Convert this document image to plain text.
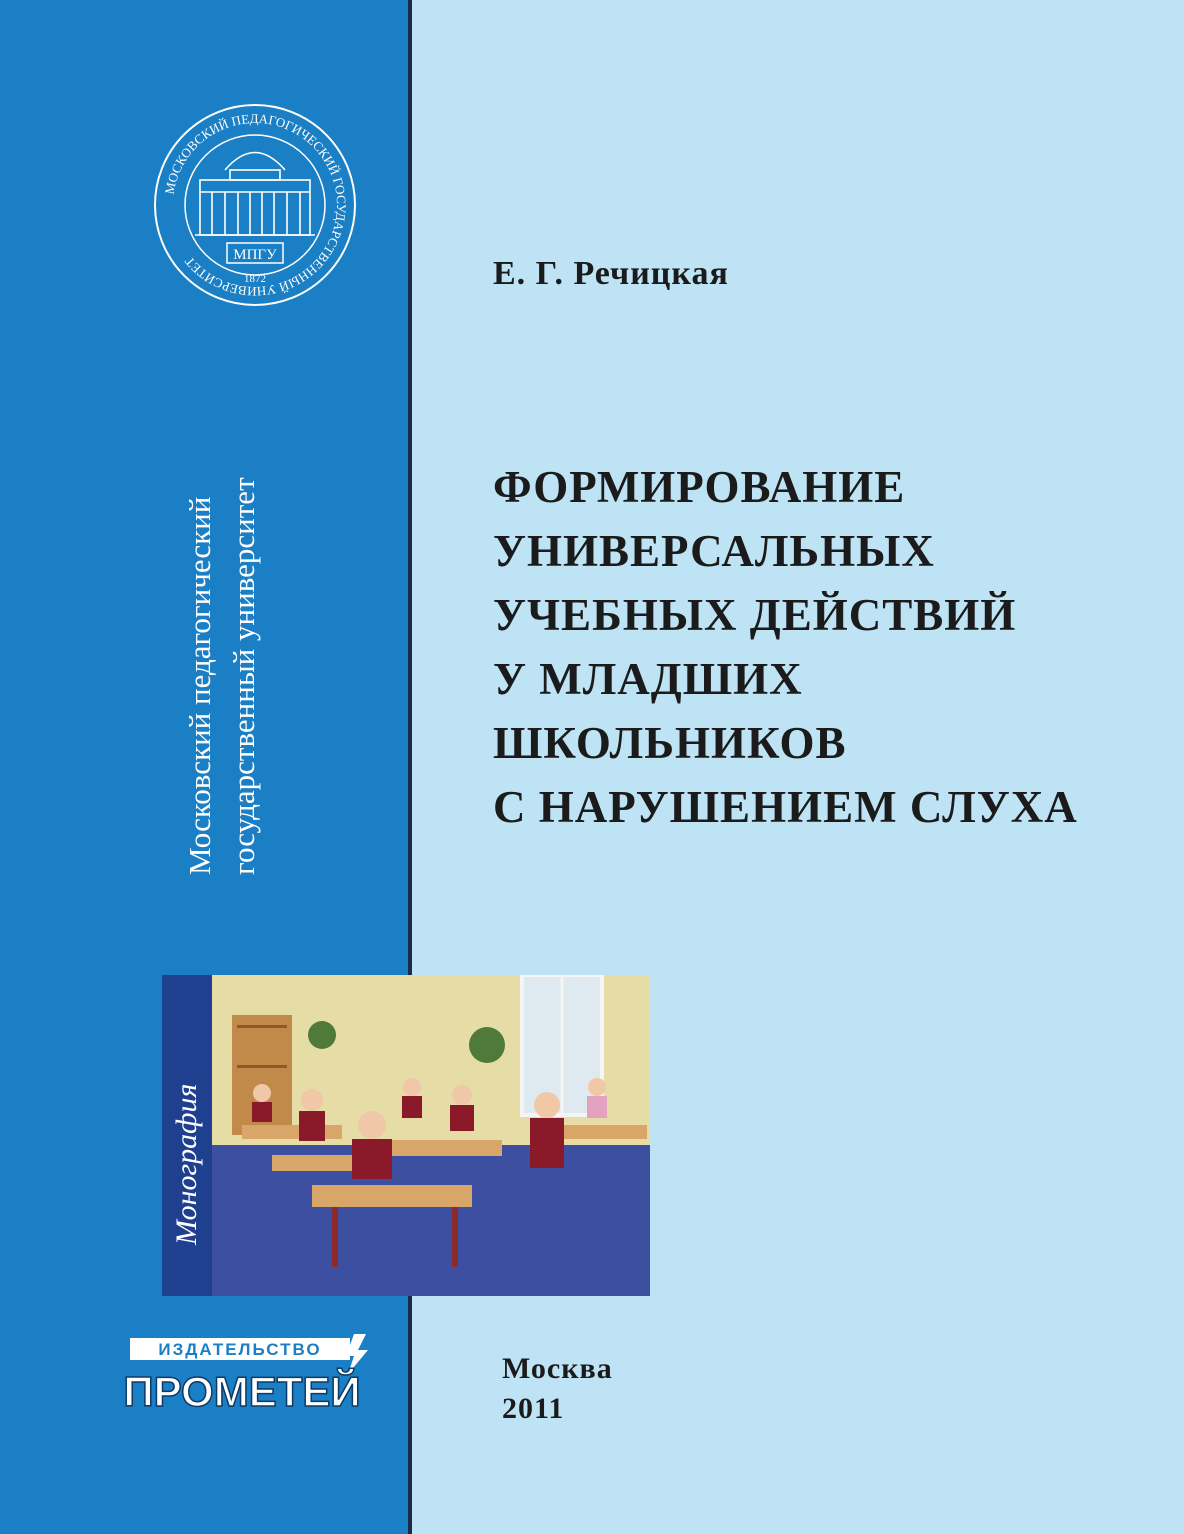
МОСКОВСКИЙ ПЕДАГОГИЧЕСКИЙ ГОСУДАРСТВЕННЫЙ УНИВЕРСИТЕТ	МПГУ
1872
Московский педагогический государственный университет
Монография
Е. Г. Речицкая
ФОРМИРОВАНИЕ
УНИВЕРСАЛЬНЫХ
УЧЕБНЫХ ДЕЙСТВИЙ
У МЛАДШИХ
ШКОЛЬНИКОВ
С НАРУШЕНИЕМ СЛУХА
ИЗДАТЕЛЬСТВО
ПРОМЕТЕЙ	Москва
2011
